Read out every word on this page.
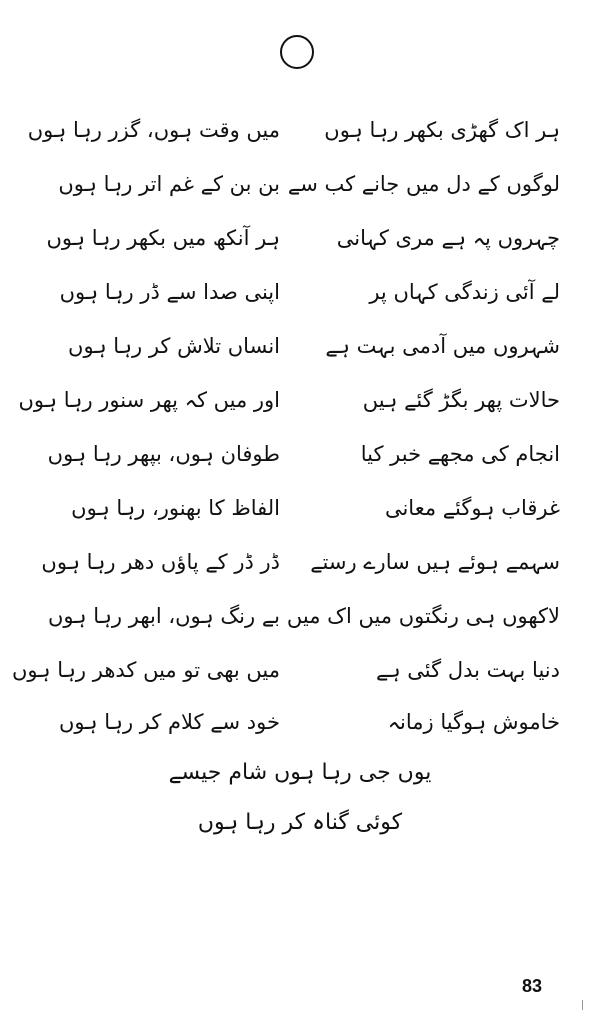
ہر اک گھڑی بکھر رہا ہوں
میں وقت ہوں، گزر رہا ہوں
لوگوں کے دل میں جانے کب سے
بن بن کے غم اتر رہا ہوں
چہروں پہ ہے مری کہانی
ہر آنکھ میں بکھر رہا ہوں
لے آئی زندگی کہاں پر
اپنی صدا سے ڈر رہا ہوں
شہروں میں آدمی بہت ہے
انساں تلاش کر رہا ہوں
حالات پھر بگڑ گئے ہیں
اور میں کہ پھر سنور رہا ہوں
انجام کی مجھے خبر کیا
طوفان ہوں، بپھر رہا ہوں
غرقاب ہوگئے معانی
الفاظ کا بھنور، رہا ہوں
سہمے ہوئے ہیں سارے رستے
ڈر ڈر کے پاؤں دھر رہا ہوں
لاکھوں ہی رنگتوں میں اک میں
بے رنگ ہوں، ابھر رہا ہوں
دنیا بہت بدل گئی ہے
میں بھی تو میں کدھر رہا ہوں
خاموش ہوگیا زمانہ
خود سے کلام کر رہا ہوں
یوں جی رہا ہوں شام جیسے
کوئی گناہ کر رہا ہوں
83
